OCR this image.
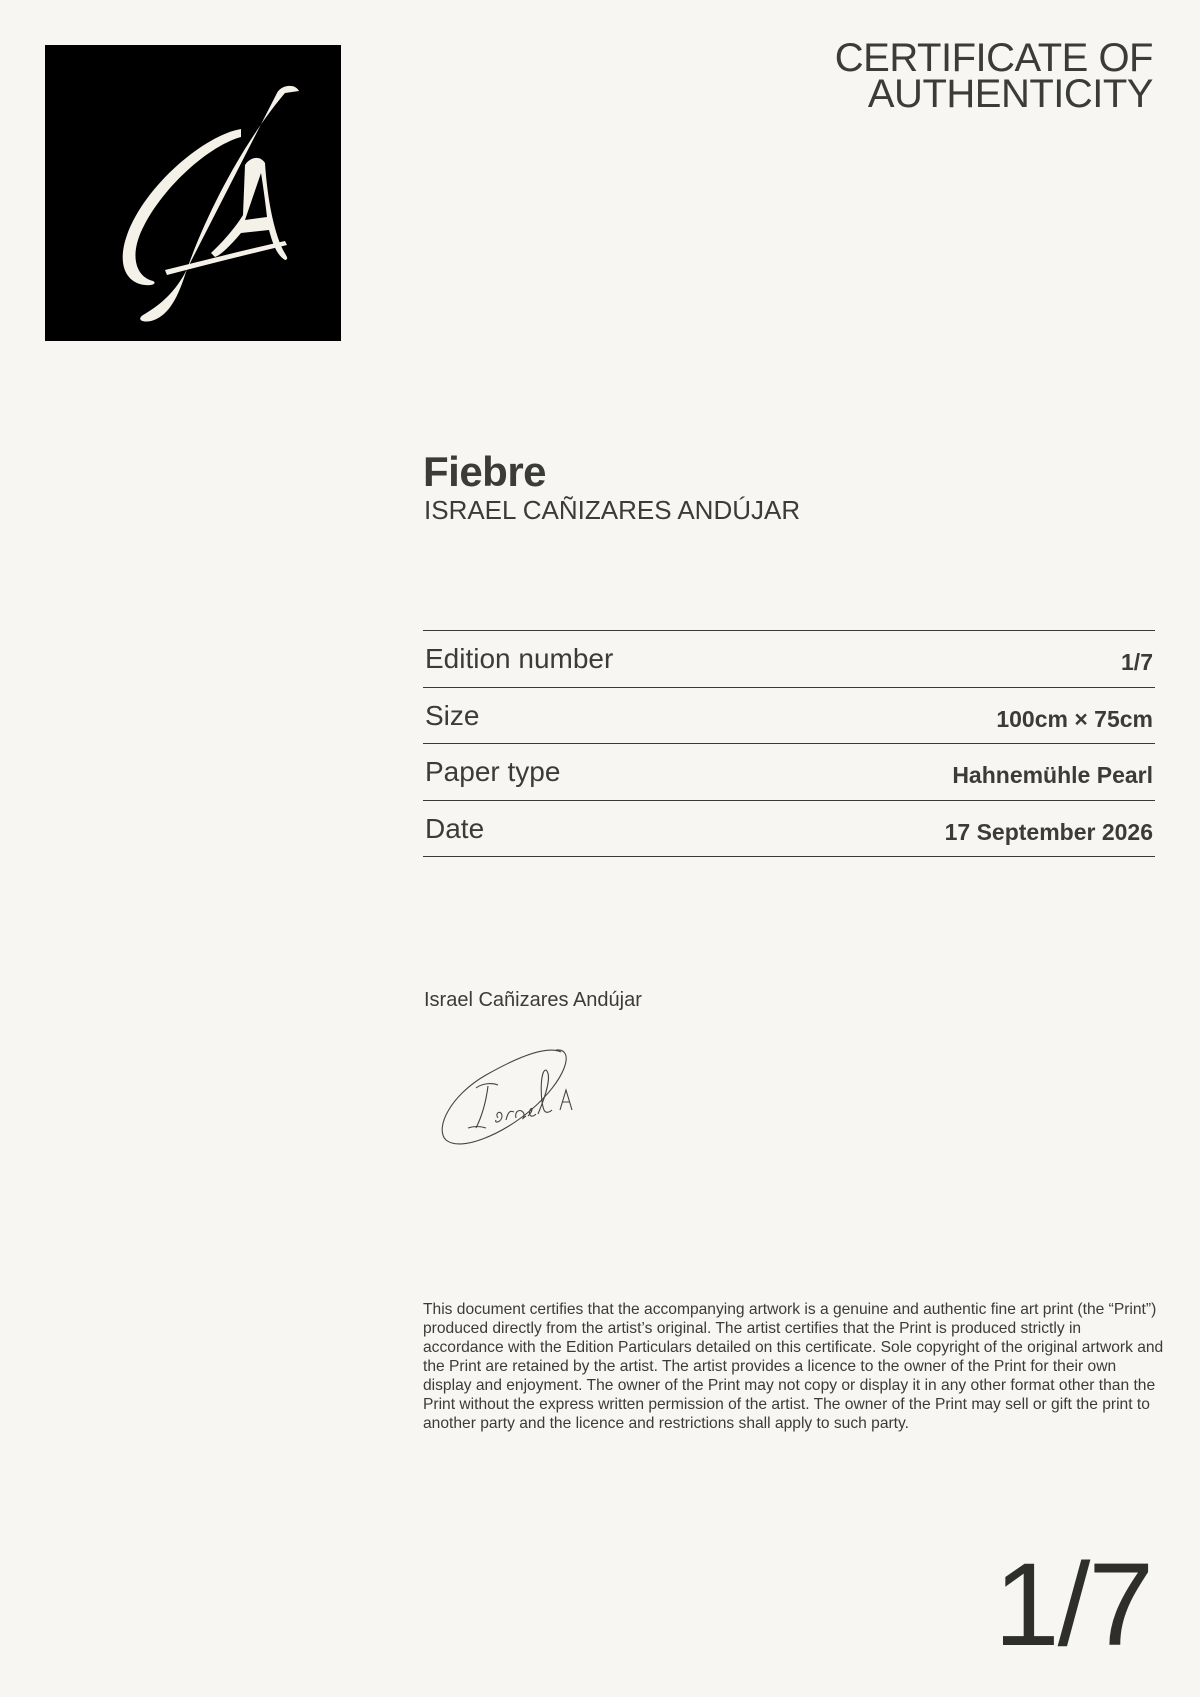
CERTIFICATE OF
AUTHENTICITY
Fiebre
ISRAEL CAÑIZARES ANDÚJAR
Edition number	1/7
Size	100cm × 75cm
Paper type	Hahnemühle Pearl
Date	17 September 2026
Israel Cañizares Andújar
This document certifies that the accompanying artwork is a genuine and authentic fine art print (the “Print”) produced directly from the artist’s original. The artist certifies that the Print is produced strictly in accordance with the Edition Particulars detailed on this certificate. Sole copyright of the original artwork and the Print are retained by the artist. The artist provides a licence to the owner of the Print for their own display and enjoyment. The owner of the Print may not copy or display it in any other format other than the Print without the express written permission of the artist. The owner of the Print may sell or gift the print to another party and the licence and restrictions shall apply to such party.
1/7
